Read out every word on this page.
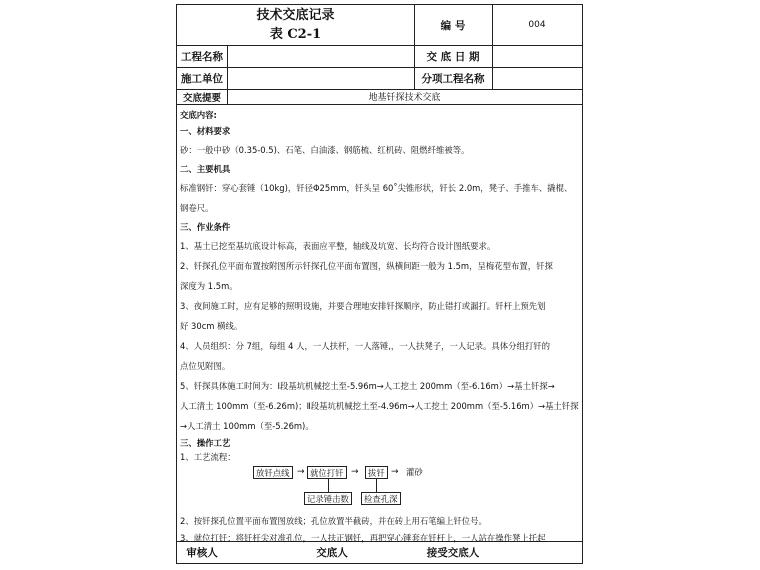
技术交底记录
表 C2-1
编 号	004
工程名称	交 底 日 期
施工单位	分项工程名称
交底提要	地基钎探技术交底
交底内容:
一、材料要求
砂：一般中砂（0.35-0.5)、石笔、白油漆、钢筋梳、红机砖、阻燃纤维被等。
二、主要机具
标准钢钎：穿心套锤（10kg)，钎径Φ25mm，钎头呈 60˚尖锥形状，钎长 2.0m，凳子、手推车、撬棍、
钢卷尺。
三、作业条件
1、基土已挖至基坑底设计标高，表面应平整，轴线及坑宽、长均符合设计图纸要求。
2、钎探孔位平面布置按附图所示钎探孔位平面布置图，纵横间距一般为 1.5m，呈梅花型布置，钎探
深度为 1.5m。
3、夜间施工时，应有足够的照明设施，并要合理地安排钎探顺序，防止错打或漏打。钎杆上预先划
好 30cm 横线。
4、人员组织：分 7组，每组 4 人，一人扶杆，一人落锤,，一人扶凳子，一人记录。具体分组打钎的
点位见附图。
5、钎探具体施工时间为：Ⅰ段基坑机械挖土至-5.96m→人工挖土 200mm（至-6.16m）→基土钎探→
人工清土 100mm（至-6.26m)；Ⅱ段基坑机械挖土至-4.96m→人工挖土 200mm（至-5.16m）→基土钎探
→人工清土 100mm（至-5.26m)。
三、操作工艺
1、工艺流程：
放钎点线 → 就位打钎 →	拔钎 → 灌砂
记录锤击数	检查孔深
2、按钎探孔位置平面布置图放线；孔位放置半截砖，并在砖上用石笔编上钎位号。
3、就位打钎：将钎杆尖对准孔位，一人扶正钢钎，再把穿心锤套在钎杆上，一人站在操作凳上托起
审核人	交底人	接受交底人
